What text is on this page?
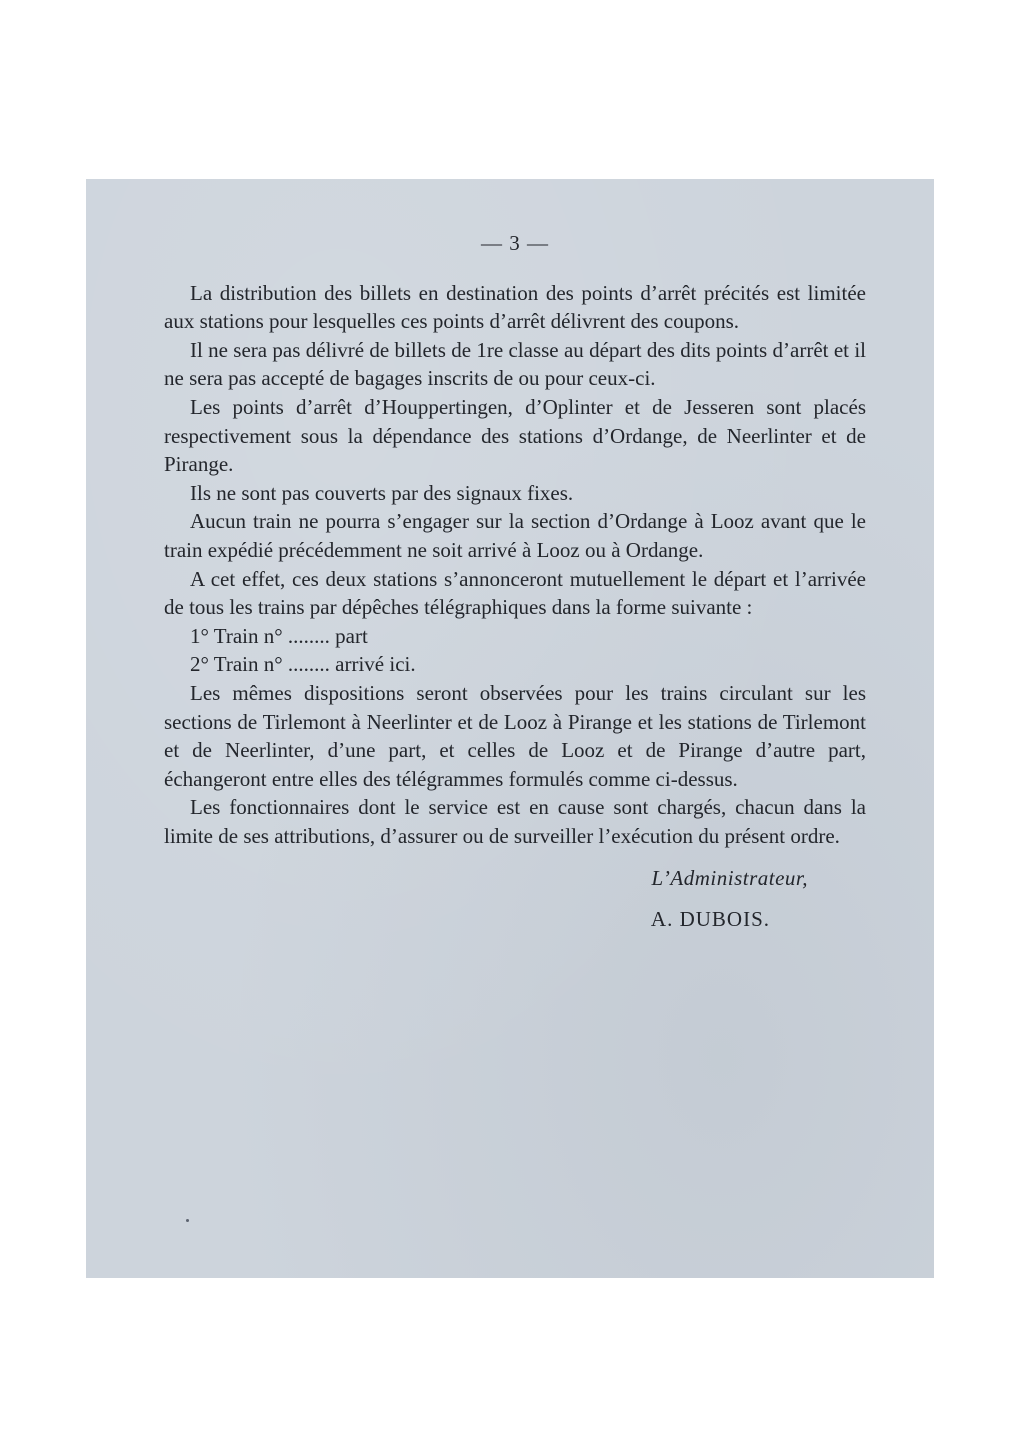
— 3 —

La distribution des billets en destination des points d’arrêt précités est limitée aux stations pour lesquelles ces points d’arrêt délivrent des coupons.

Il ne sera pas délivré de billets de 1re classe au départ des dits points d’arrêt et il ne sera pas accepté de bagages inscrits de ou pour ceux-ci.

Les points d’arrêt d’Houppertingen, d’Oplinter et de Jesseren sont placés respectivement sous la dépendance des stations d’Ordange, de Neerlinter et de Pirange.

Ils ne sont pas couverts par des signaux fixes.

Aucun train ne pourra s’engager sur la section d’Ordange à Looz avant que le train expédié précédemment ne soit arrivé à Looz ou à Ordange.

A cet effet, ces deux stations s’annonceront mutuellement le départ et l’arrivée de tous les trains par dépêches télégraphiques dans la forme suivante :

1° Train n° ........ part

2° Train n° ........ arrivé ici.

Les mêmes dispositions seront observées pour les trains circulant sur les sections de Tirlemont à Neerlinter et de Looz à Pirange et les stations de Tirlemont et de Neerlinter, d’une part, et celles de Looz et de Pirange d’autre part, échangeront entre elles des télégrammes formulés comme ci-dessus.

Les fonctionnaires dont le service est en cause sont chargés, chacun dans la limite de ses attributions, d’assurer ou de surveiller l’exécution du présent ordre.

L’Administrateur,

A. DUBOIS.
